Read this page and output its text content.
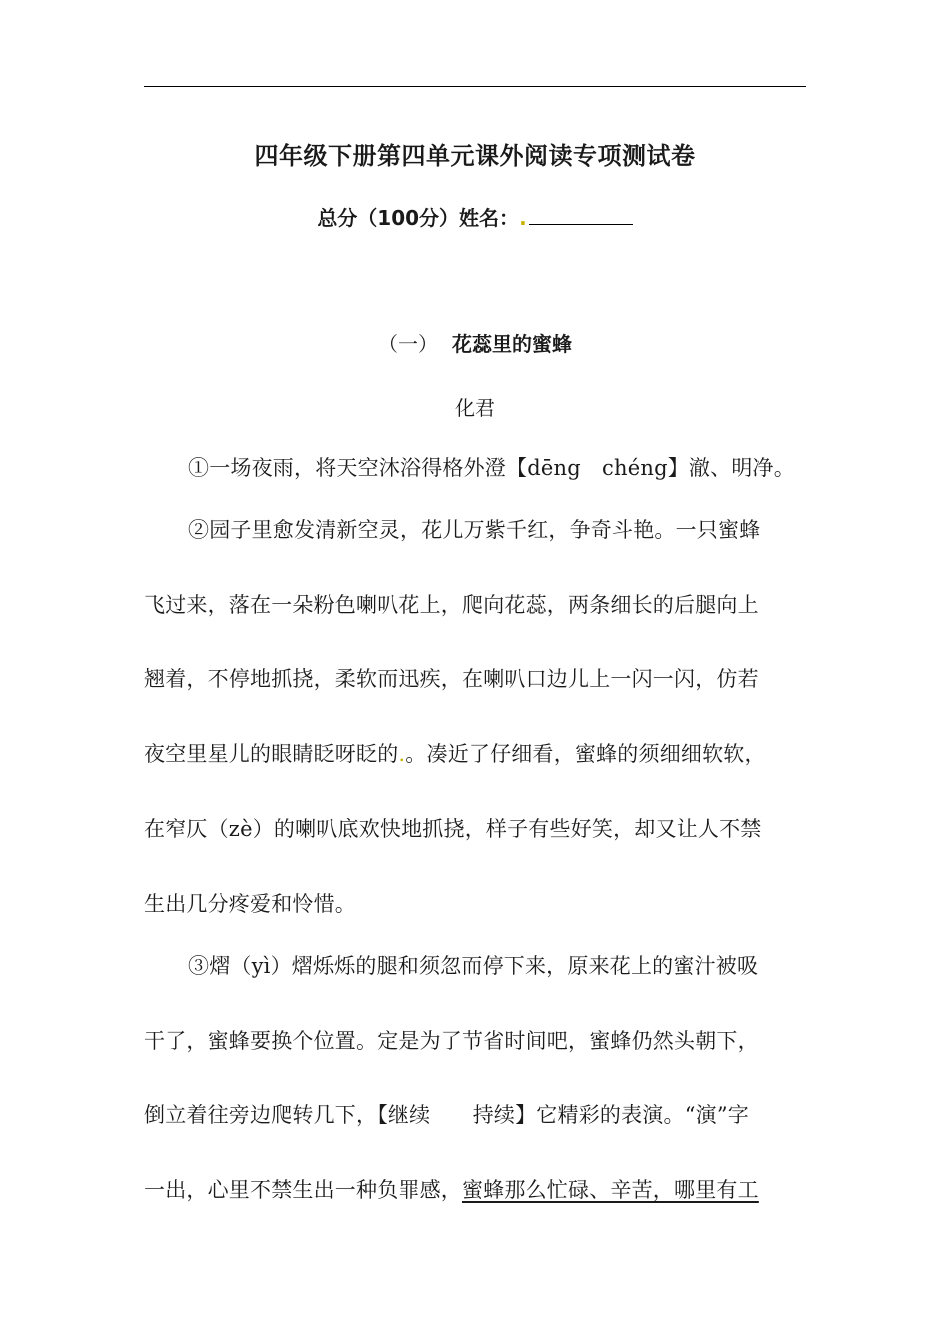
四年级下册第四单元课外阅读专项测试卷
总分（100分）姓名：.
（一） 花蕊里的蜜蜂
化君
①一场夜雨，将天空沐浴得格外澄【dēng　chéng】澈、明净。
②园子里愈发清新空灵，花儿万紫千红，争奇斗艳。一只蜜蜂
飞过来，落在一朵粉色喇叭花上，爬向花蕊，两条细长的后腿向上
翘着，不停地抓挠，柔软而迅疾，在喇叭口边儿上一闪一闪，仿若
夜空里星儿的眼睛眨呀眨的.。凑近了仔细看，蜜蜂的须细细软软，
在窄仄（zè）的喇叭底欢快地抓挠，样子有些好笑，却又让人不禁
生出几分疼爱和怜惜。
③熠（yì）熠烁烁的腿和须忽而停下来，原来花上的蜜汁被吸
干了，蜜蜂要换个位置。定是为了节省时间吧，蜜蜂仍然头朝下，
倒立着往旁边爬转几下，【继续　　持续】它精彩的表演。“演”字
一出，心里不禁生出一种负罪感，蜜蜂那么忙碌、辛苦，哪里有工
